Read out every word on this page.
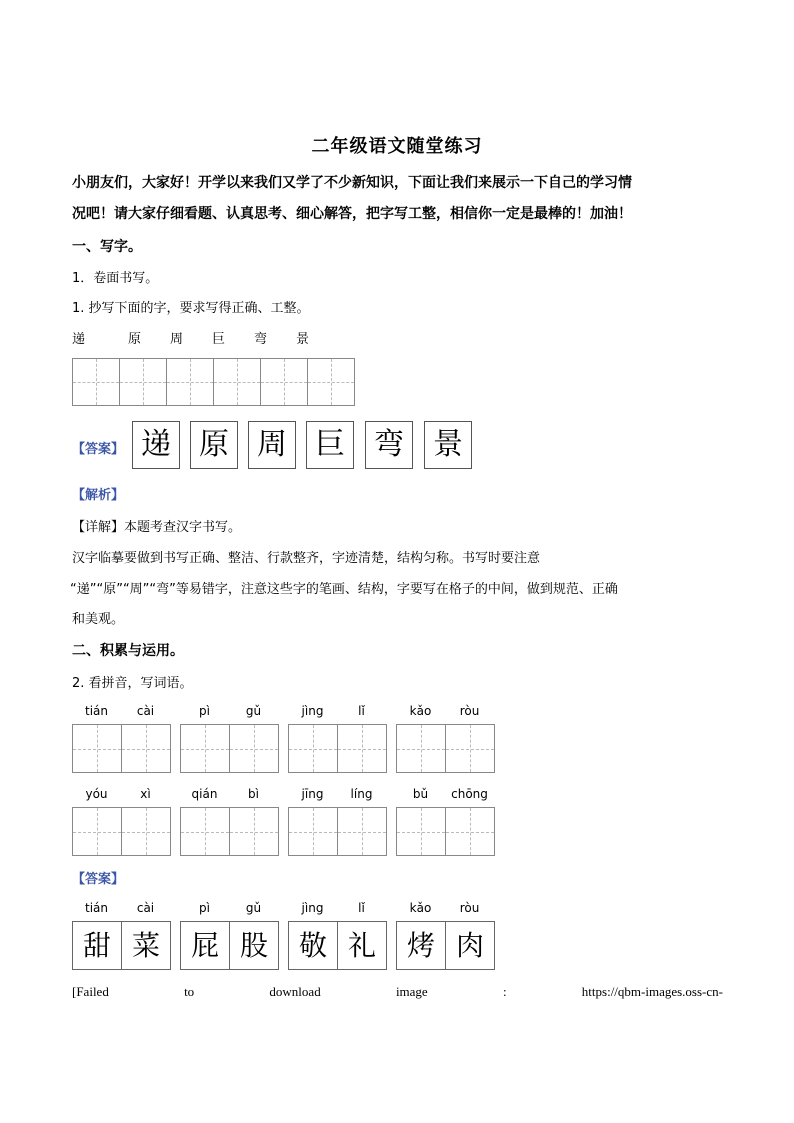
二年级语文随堂练习
小朋友们，大家好！开学以来我们又学了不少新知识，下面让我们来展示一下自己的学习情
况吧！请大家仔细看题、认真思考、细心解答，把字写工整，相信你一定是最棒的！加油！
一、写字。
1．卷面书写。
1. 抄写下面的字，要求写得正确、工整。
递	原 周 巨 弯 景
【答案】 递 原 周 巨 弯 景
【解析】
【详解】本题考查汉字书写。
汉字临摹要做到书写正确、整洁、行款整齐，字迹清楚，结构匀称。书写时要注意
“递”“原”“周”“弯”等易错字，注意这些字的笔画、结构，字要写在格子的中间，做到规范、正确
和美观。
二、积累与运用。
2. 看拼音，写词语。
tián	cài	pì	gǔ	jìng	lǐ	kǎo	ròu
yóu	xì	qián	bì	jīng	líng	bǔ	chōng
【答案】
tián	cài
甜 菜
pì	gǔ
屁 股
jìng	lǐ
敬 礼
kǎo	ròu
烤 肉
[Failed	to	download	image	:	https://qbm-images.oss-cn-
